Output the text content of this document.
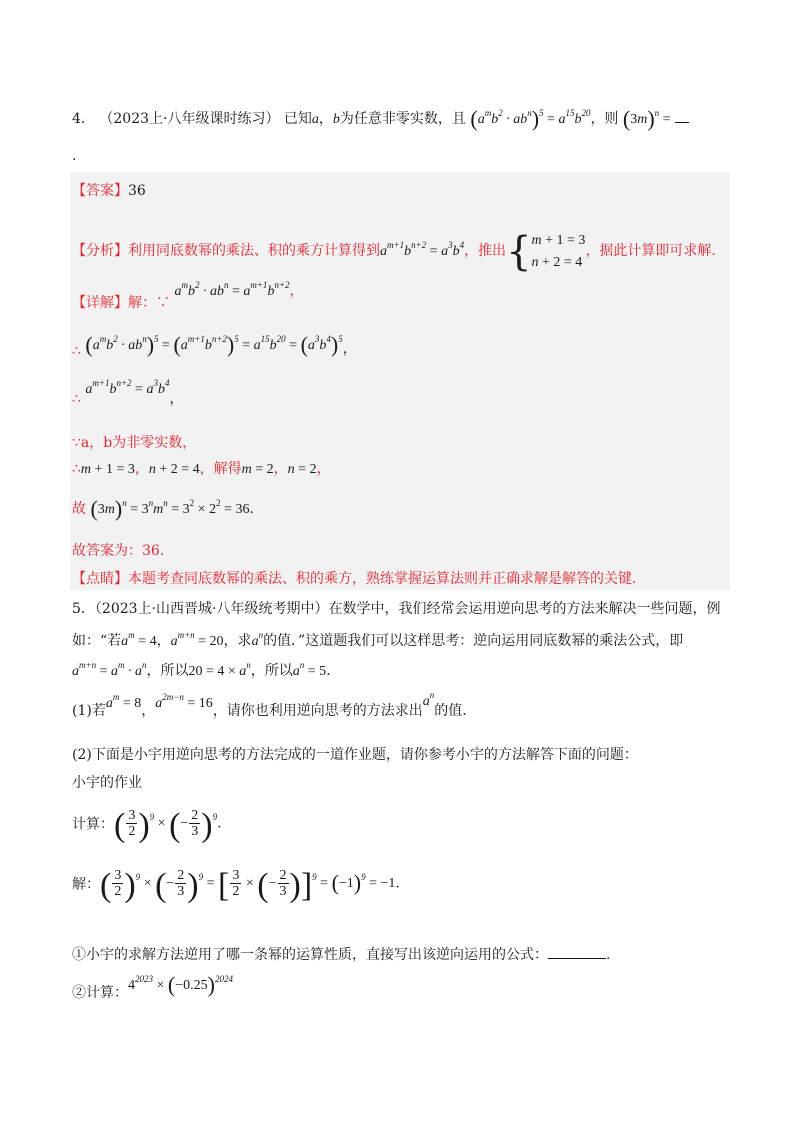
4． （2023上·八年级课时练习） 已知a，b为任意非零实数，且 $(a^mb^2 \cdot ab^n)^5 = a^{15}b^{20}$，则 $(3m)^n$ =
.
【答案】36
【分析】利用同底数幂的乘法、积的乘方计算得到$a^{m+1}b^{n+2} = a^3b^4$，推出{ m + 1 = 3
n + 2 = 4
，据此计算即可求解.
【详解】解：∵ $a^mb^2 \cdot ab^n = a^{m+1}b^{n+2}$，
∴ $(a^mb^2 \cdot ab^n)^5 = (a^{m+1}b^{n+2})^5 = a^{15}b^{20} = (a^3b^4)^5$，
∴ $a^{m+1}b^{n+2} = a^3b^4$，
∵a，b为非零实数，
∴m + 1 = 3，n + 2 = 4，解得m = 2，n = 2，
故 $(3m)^n = 3^nm^n = 3^2 \times 2^2 = 36$.
故答案为：36.
【点睛】本题考查同底数幂的乘法、积的乘方，熟练掌握运算法则并正确求解是解答的关键.
5．（2023上·山西晋城·八年级统考期中）在数学中，我们经常会运用逆向思考的方法来解决一些问题，例
如：“若$a^m = 4$，$a^{m+n} = 20$，求$a^n$的值．”这道题我们可以这样思考：逆向运用同底数幂的乘法公式，即
$a^{m+n} = a^m \cdot a^n$，所以$20 = 4 \times a^n$，所以$a^n = 5$．
(1)若$a^m = 8$，$a^{2m-n} = 16$，请你也利用逆向思考的方法求出$a^n$的值.
(2)下面是小宇用逆向思考的方法完成的一道作业题，请你参考小宇的方法解答下面的问题：
小宇的作业
计算：( $\frac{3}{2} )^9$ × (− $\frac{2}{3} )^9$.
解：( $\frac{3}{2} )^9$ × (− $\frac{2}{3} )^9$ = [ $\frac{3}{2}$ × (− $\frac{2}{3} )]^9 = (-1)^9 = -1$.
①小宇的求解方法逆用了哪一条幂的运算性质，直接写出该逆向运用的公式：	.
②计算：$4^{2023} \times (-0.25)^{2024}$
